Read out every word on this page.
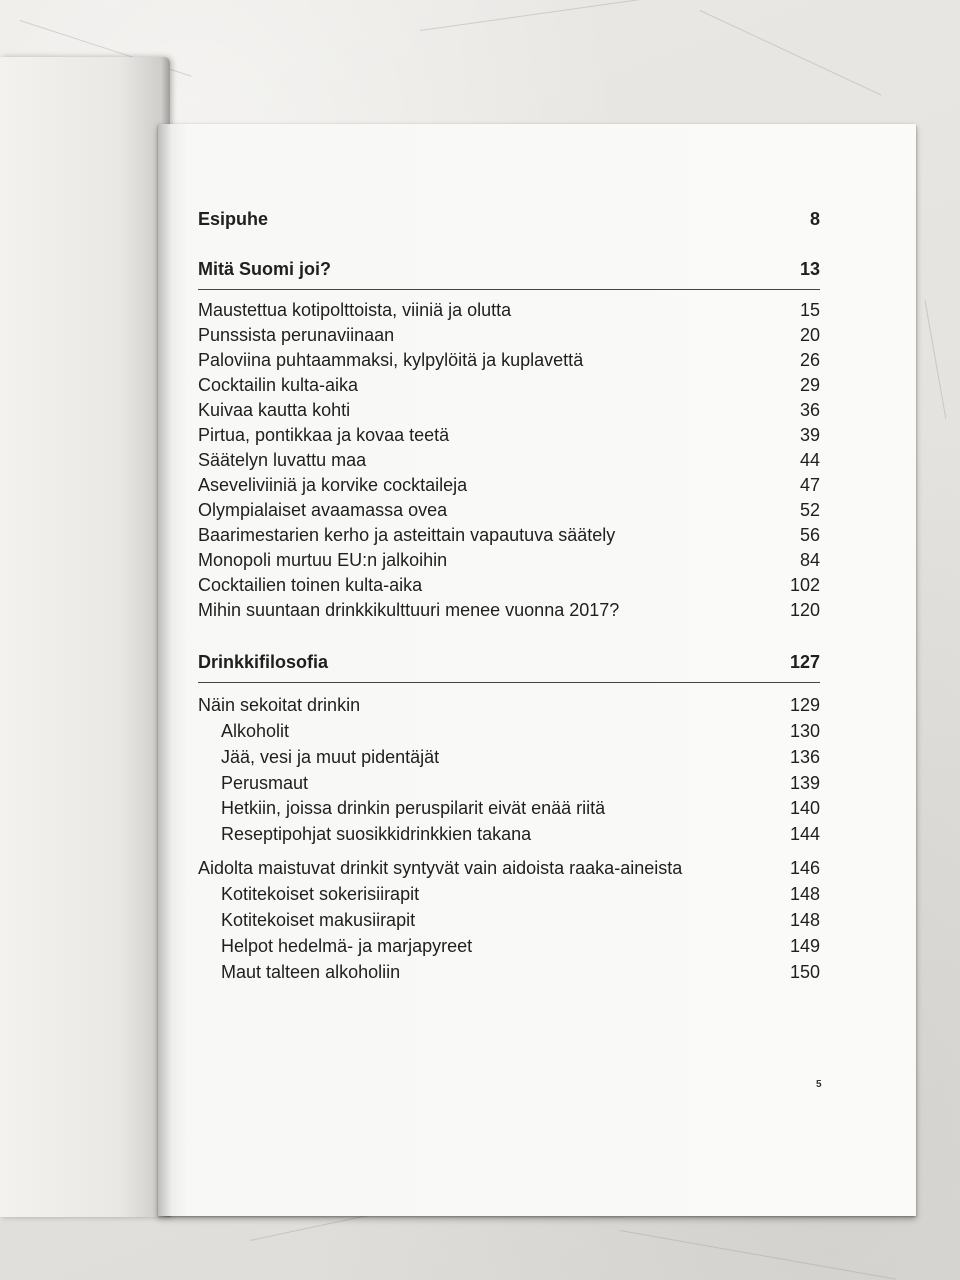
Esipuhe	8
Mitä Suomi joi?	13
Maustettua kotipolttoista, viiniä ja olutta	15
Punssista perunaviinaan	20
Paloviina puhtaammaksi, kylpylöitä ja kuplavettä	26
Cocktailin kulta-aika	29
Kuivaa kautta kohti	36
Pirtua, pontikkaa ja kovaa teetä	39
Säätelyn luvattu maa	44
Aseveliviiniä ja korvike cocktaileja	47
Olympialaiset avaamassa ovea	52
Baarimestarien kerho ja asteittain vapautuva säätely	56
Monopoli murtuu EU:n jalkoihin	84
Cocktailien toinen kulta-aika	102
Mihin suuntaan drinkkikulttuuri menee vuonna 2017?	120
Drinkkifilosofia	127
Näin sekoitat drinkin	129
Alkoholit	130
Jää, vesi ja muut pidentäjät	136
Perusmaut	139
Hetkiin, joissa drinkin peruspilarit eivät enää riitä	140
Reseptipohjat suosikkidrinkkien takana	144
Aidolta maistuvat drinkit syntyvät vain aidoista raaka-aineista	146
Kotitekoiset sokerisiirapit	148
Kotitekoiset makusiirapit	148
Helpot hedelmä- ja marjapyreet	149
Maut talteen alkoholiin	150
5
